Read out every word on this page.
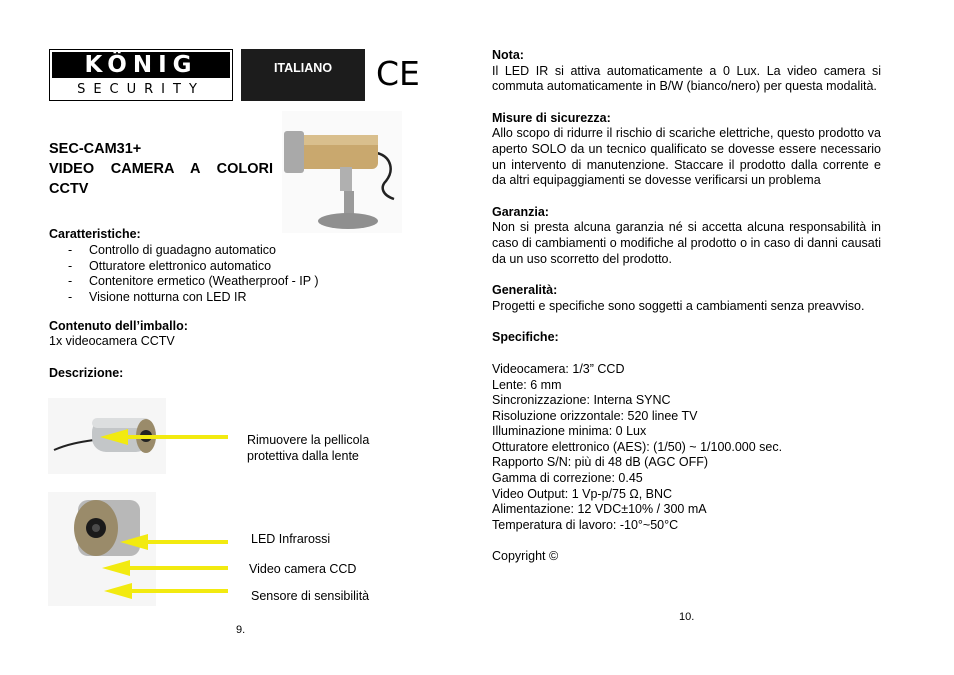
KÖNIG
SECURITY
ITALIANO	CE
SEC-CAM31+
VIDEO CAMERA A COLORI
CCTV
Caratteristiche:
- Controllo di guadagno automatico
- Otturatore elettronico automatico
- Contenitore ermetico (Weatherproof - IP )
- Visione notturna con LED IR
Contenuto dell’imballo:
1x videocamera CCTV
Descrizione:
Rimuovere la pellicola
protettiva dalla lente
LED Infrarossi
Video camera CCD
Sensore di sensibilità
9.
Nota:
Il LED IR si attiva automaticamente a 0 Lux. La video camera si commuta automaticamente in B/W (bianco/nero) per questa modalità.
Misure di sicurezza:
Allo scopo di ridurre il rischio di scariche elettriche, questo prodotto va aperto SOLO da un tecnico qualificato se dovesse essere necessario un intervento di manutenzione. Staccare il prodotto dalla corrente e da altri equipaggiamenti se dovesse verificarsi un problema
Garanzia:
Non si presta alcuna garanzia né si accetta alcuna responsabilità in caso di cambiamenti o modifiche al prodotto o in caso di danni causati da un uso scorretto del prodotto.
Generalità:
Progetti e specifiche sono soggetti a cambiamenti senza preavviso.
Specifiche:
Videocamera: 1/3” CCD
Lente: 6 mm
Sincronizzazione: Interna SYNC
Risoluzione orizzontale: 520 linee TV
Illuminazione minima: 0 Lux
Otturatore elettronico (AES): (1/50) ~ 1/100.000 sec.
Rapporto S/N: più di 48 dB (AGC OFF)
Gamma di correzione: 0.45
Video Output: 1 Vp-p/75 Ω, BNC
Alimentazione: 12 VDC±10% / 300 mA
Temperatura di lavoro: -10°~50°C
Copyright ©
10.
